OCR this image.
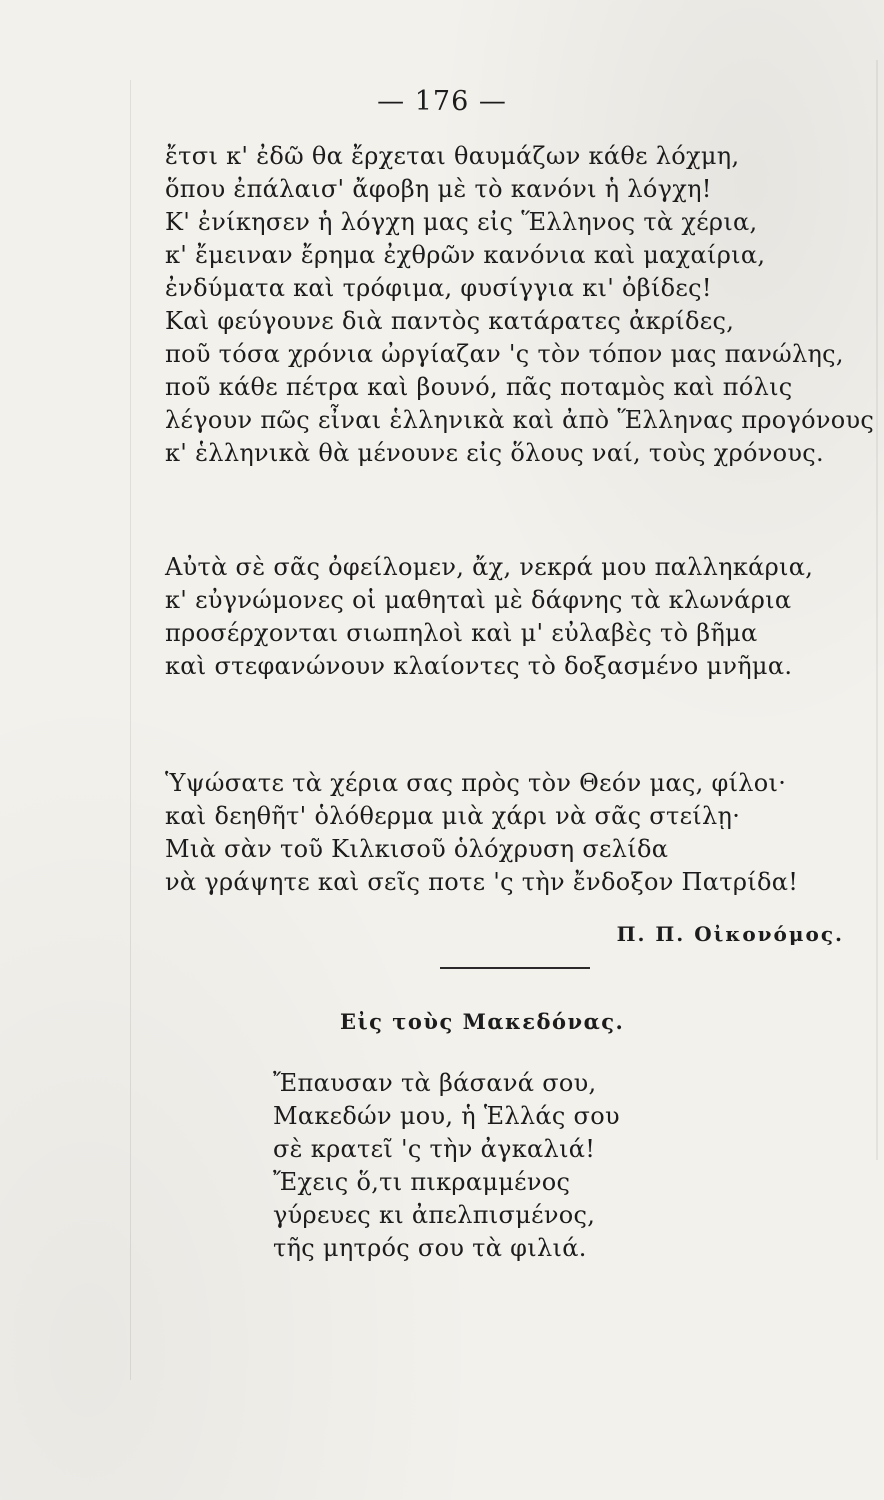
— 176 —

ἔτσι κ' ἐδῶ θα ἔρχεται θαυμάζων κάθε λόχμη,
ὅπου ἐπάλαισ' ἄφοβη μὲ τὸ κανόνι ἡ λόγχη!
Κ' ἐνίκησεν ἡ λόγχη μας εἰς Ἕλληνος τὰ χέρια,
κ' ἔμειναν ἔρημα ἐχθρῶν κανόνια καὶ μαχαίρια,
ἐνδύματα καὶ τρόφιμα, φυσίγγια κι' ὀβίδες!
Καὶ φεύγουνε διὰ παντὸς κατάρατες ἀκρίδες,
ποῦ τόσα χρόνια ὠργίαζαν 'ς τὸν τόπον μας πανώλης,
ποῦ κάθε πέτρα καὶ βουνό, πᾶς ποταμὸς καὶ πόλις
λέγουν πῶς εἶναι ἑλληνικὰ καὶ ἀπὸ Ἕλληνας προγόνους
κ' ἑλληνικὰ θὰ μένουνε εἰς ὅλους ναί, τοὺς χρόνους.
Αὐτὰ σὲ σᾶς ὀφείλομεν, ἄχ, νεκρά μου παλληκάρια,
κ' εὐγνώμονες οἱ μαθηταὶ μὲ δάφνης τὰ κλωνάρια
προσέρχονται σιωπηλοὶ καὶ μ' εὐλαβὲς τὸ βῆμα
καὶ στεφανώνουν κλαίοντες τὸ δοξασμένο μνῆμα.
Ὑψώσατε τὰ χέρια σας πρὸς τὸν Θεόν μας, φίλοι·
καὶ δεηθῆτ' ὁλόθερμα μιὰ χάρι νὰ σᾶς στείλῃ·
Μιὰ σὰν τοῦ Κιλκισοῦ ὁλόχρυση σελίδα
νὰ γράψητε καὶ σεῖς ποτε 'ς τὴν ἔνδοξον Πατρίδα!

Π. Π. Οἰκονόμος.

Εἰς τοὺς Μακεδόνας.
Ἔπαυσαν τὰ βάσανά σου,
Μακεδών μου, ἡ Ἑλλάς σου
σὲ κρατεῖ 'ς τὴν ἀγκαλιά!
Ἔχεις ὅ,τι πικραμμένος
γύρευες κι ἀπελπισμένος,
τῆς μητρός σου τὰ φιλιά.
